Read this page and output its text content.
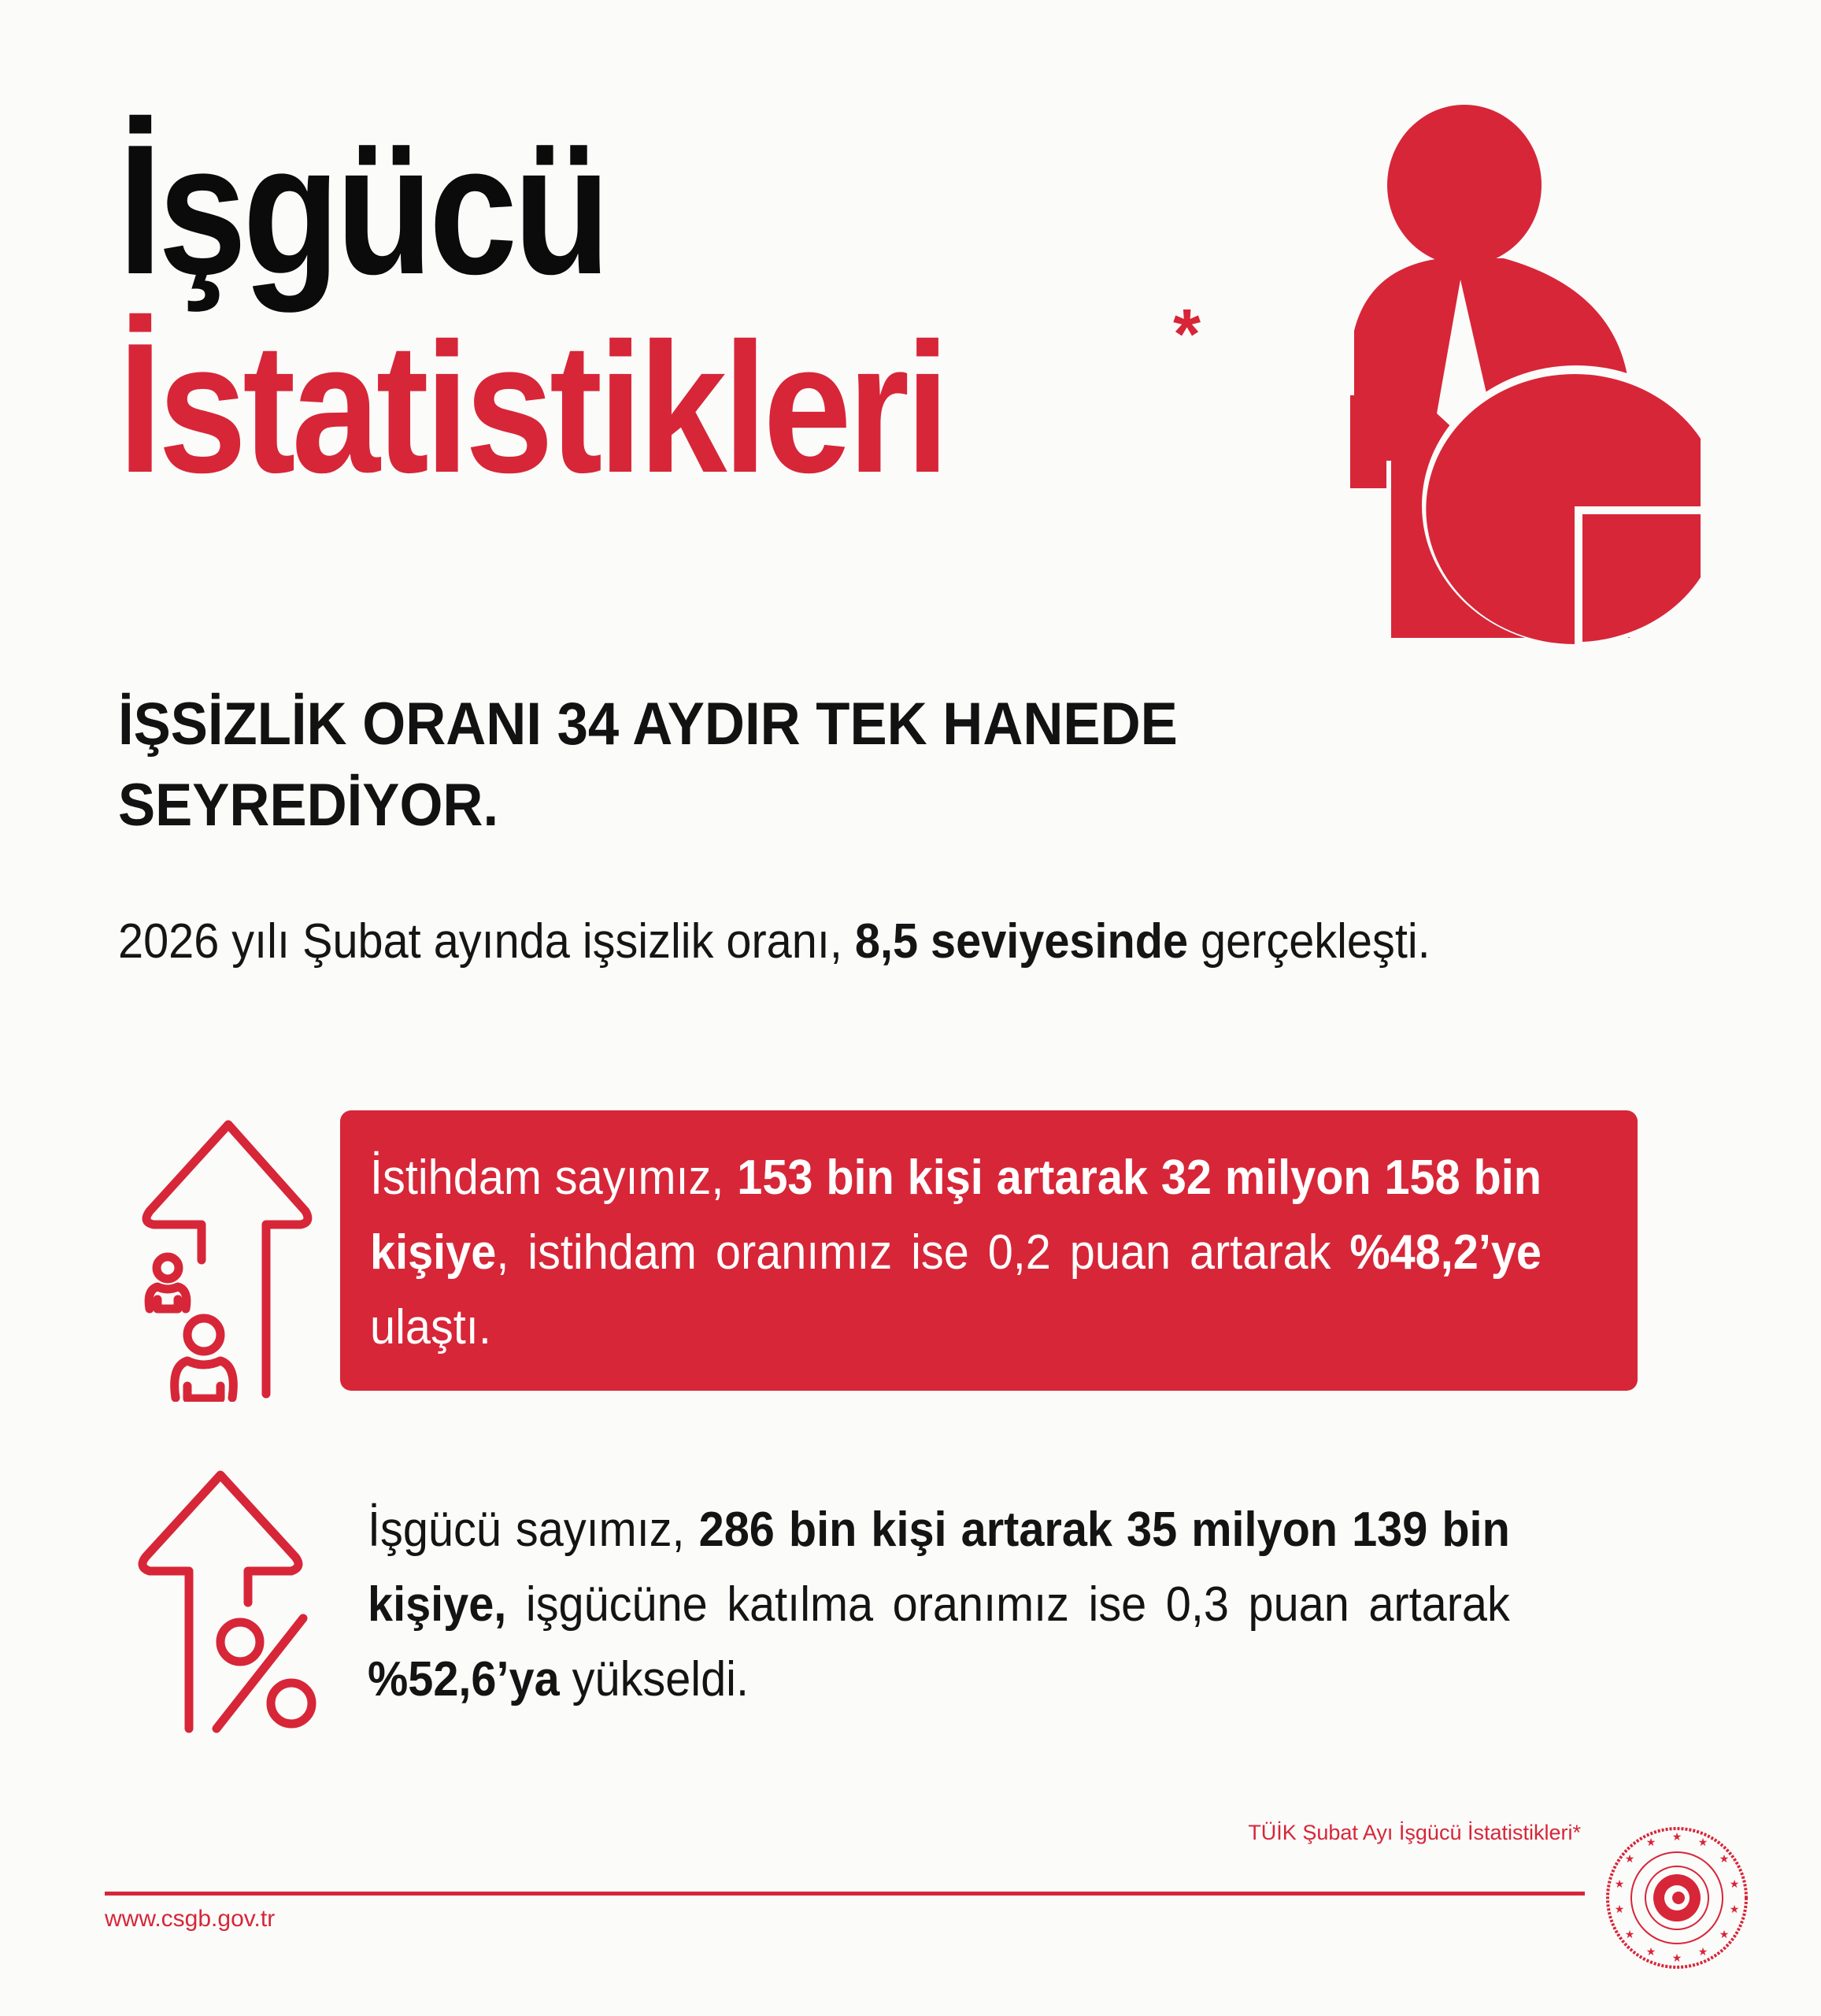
İşgücü
İstatistikleri	*
İŞSİZLİK ORANI 34 AYDIR TEK HANEDE
SEYREDİYOR.
2026 yılı Şubat ayında işsizlik oranı, 8,5 seviyesinde gerçekleşti.
İstihdam sayımız, 153 bin kişi artarak 32 milyon 158 bin kişiye, istihdam oranımız ise 0,2 puan artarak %48,2’ye ulaştı.
İşgücü sayımız, 286 bin kişi artarak 35 milyon 139 bin kişiye, işgücüne katılma oranımız ise 0,3 puan artarak %52,6’ya yükseldi.
TÜİK Şubat Ayı İşgücü İstatistikleri*
www.csgb.gov.tr
★ ★
★
★
★
★
★
★
★
★
★
★
★
★
